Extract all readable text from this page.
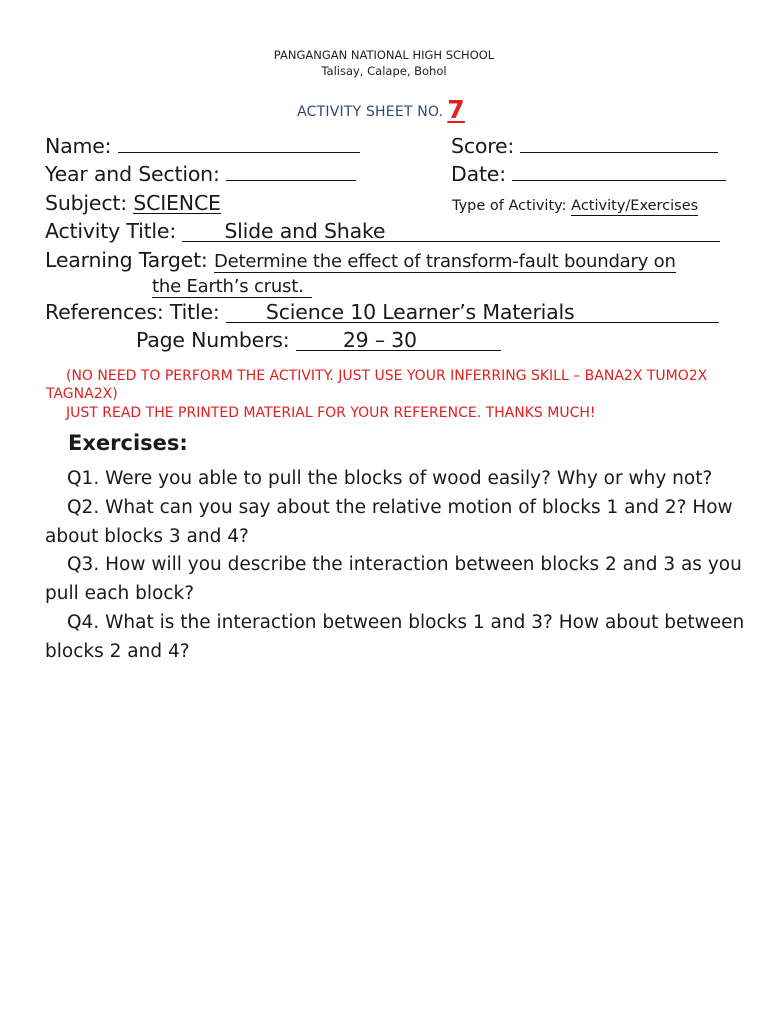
PANGANGAN NATIONAL HIGH SCHOOL
Talisay, Calape, Bohol
ACTIVITY SHEET NO. 7
Name:	Score:
Year and Section:	Date:
Subject: SCIENCE	Type of Activity: Activity/Exercises
Activity Title: Slide and Shake
Learning Target: Determine the effect of transform-fault boundary on
the Earth’s crust.
References: Title: Science 10 Learner’s Materials
Page Numbers:	29 – 30
(NO NEED TO PERFORM THE ACTIVITY. JUST USE YOUR INFERRING SKILL – BANA2X TUMO2X TAGNA2X)
JUST READ THE PRINTED MATERIAL FOR YOUR REFERENCE. THANKS MUCH!
Exercises:
Q1. Were you able to pull the blocks of wood easily? Why or why not?
Q2. What can you say about the relative motion of blocks 1 and 2? How about blocks 3 and 4?
Q3. How will you describe the interaction between blocks 2 and 3 as you pull each block?
Q4. What is the interaction between blocks 1 and 3? How about between blocks 2 and 4?
